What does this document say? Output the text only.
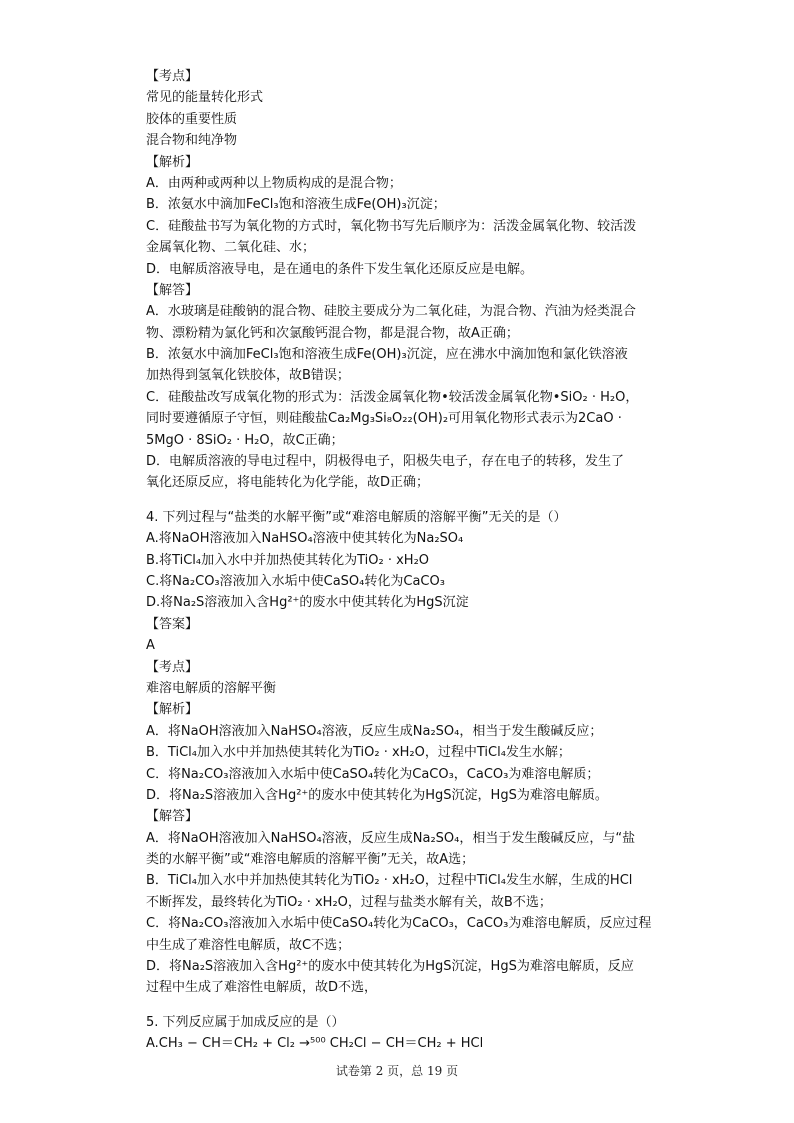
【考点】
常见的能量转化形式
胶体的重要性质
混合物和纯净物
【解析】
A．由两种或两种以上物质构成的是混合物；
B．浓氨水中滴加FeCl₃饱和溶液生成Fe(OH)₃沉淀；
C．硅酸盐书写为氧化物的方式时，氧化物书写先后顺序为：活泼金属氧化物、较活泼
金属氧化物、二氧化硅、水；
D．电解质溶液导电，是在通电的条件下发生氧化还原反应是电解。
【解答】
A．水玻璃是硅酸钠的混合物、硅胶主要成分为二氧化硅，为混合物、汽油为烃类混合
物、漂粉精为氯化钙和次氯酸钙混合物，都是混合物，故A正确；
B．浓氨水中滴加FeCl₃饱和溶液生成Fe(OH)₃沉淀，应在沸水中滴加饱和氯化铁溶液
加热得到氢氧化铁胶体，故B错误；
C．硅酸盐改写成氧化物的形式为：活泼金属氧化物•较活泼金属氧化物•SiO₂ · H₂O，
同时要遵循原子守恒，则硅酸盐Ca₂Mg₃Si₈O₂₂(OH)₂可用氧化物形式表示为2CaO ·
5MgO · 8SiO₂ · H₂O，故C正确；
D．电解质溶液的导电过程中，阴极得电子，阳极失电子，存在电子的转移，发生了
氧化还原反应，将电能转化为化学能，故D正确；
4. 下列过程与“盐类的水解平衡”或“难溶电解质的溶解平衡”无关的是（）
A.将NaOH溶液加入NaHSO₄溶液中使其转化为Na₂SO₄
B.将TiCl₄加入水中并加热使其转化为TiO₂ · xH₂O
C.将Na₂CO₃溶液加入水垢中使CaSO₄转化为CaCO₃
D.将Na₂S溶液加入含Hg²⁺的废水中使其转化为HgS沉淀
【答案】
A
【考点】
难溶电解质的溶解平衡
【解析】
A．将NaOH溶液加入NaHSO₄溶液，反应生成Na₂SO₄，相当于发生酸碱反应；
B．TiCl₄加入水中并加热使其转化为TiO₂ · xH₂O，过程中TiCl₄发生水解；
C．将Na₂CO₃溶液加入水垢中使CaSO₄转化为CaCO₃，CaCO₃为难溶电解质；
D．将Na₂S溶液加入含Hg²⁺的废水中使其转化为HgS沉淀，HgS为难溶电解质。
【解答】
A．将NaOH溶液加入NaHSO₄溶液，反应生成Na₂SO₄，相当于发生酸碱反应，与“盐
类的水解平衡”或“难溶电解质的溶解平衡”无关，故A选；
B．TiCl₄加入水中并加热使其转化为TiO₂ · xH₂O，过程中TiCl₄发生水解，生成的HCl
不断挥发，最终转化为TiO₂ · xH₂O，过程与盐类水解有关，故B不选；
C．将Na₂CO₃溶液加入水垢中使CaSO₄转化为CaCO₃，CaCO₃为难溶电解质，反应过程
中生成了难溶性电解质，故C不选；
D．将Na₂S溶液加入含Hg²⁺的废水中使其转化为HgS沉淀，HgS为难溶电解质，反应
过程中生成了难溶性电解质，故D不选，
5. 下列反应属于加成反应的是（）
A.CH₃ − CH＝CH₂ + Cl₂ →⁵⁰⁰ CH₂Cl − CH＝CH₂ + HCl
试卷第 2 页，总 19 页
